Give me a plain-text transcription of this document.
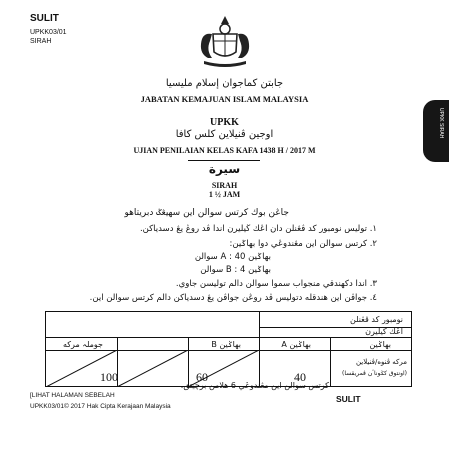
SULIT
UPKK03/01
SIRAH
جابتن كماجوان إسلام مليسيا
JABATAN KEMAJUAN ISLAM MALAYSIA
UPKK
اوجين ڤنيلاين كلس كافا
UJIAN PENILAIAN KELAS KAFA 1438 H / 2017 M
سيرة
SIRAH
1 ½ JAM
UPKK SIRAH
جاڠن بوك كرتس سوالن اين سهيڠݢ دبريتاهو
١. توليس نومبور كد ڤڠنلن دان اڠك ڬيليرن اندا ڤد روڠ يڠ دسدياكن.
٢. كرتس سوالن اين مڠندوڠي دوا بهاݢين:
بهاݢين A : 40 سوالن
بهاݢين B : 4 سوالن
٣. اندا دكهندقي منجواب سموا سوالن دالم توليسن جاوي.
٤. جواڤن اين هندقله دتوليس ڤد روڠن جواڤن يڠ دسدياكن دالم كرتس سوالن اين.
نومبور كد ڤڠنلن
اڠك ڬيليرن
بهاݢين
بهاݢين A
بهاݢين B
جوملہ مركه
مركه ڤنوه/ڤنيلاين
(اونتوق كݢوناٴن ڤمريقسا)
40
60
100
كرتس سوالن اين مڠندوڠي 6 هلامن برچيتق.
[LIHAT HALAMAN SEBELAH	SULIT
UPKK03/01© 2017 Hak Cipta Kerajaan Malaysia
